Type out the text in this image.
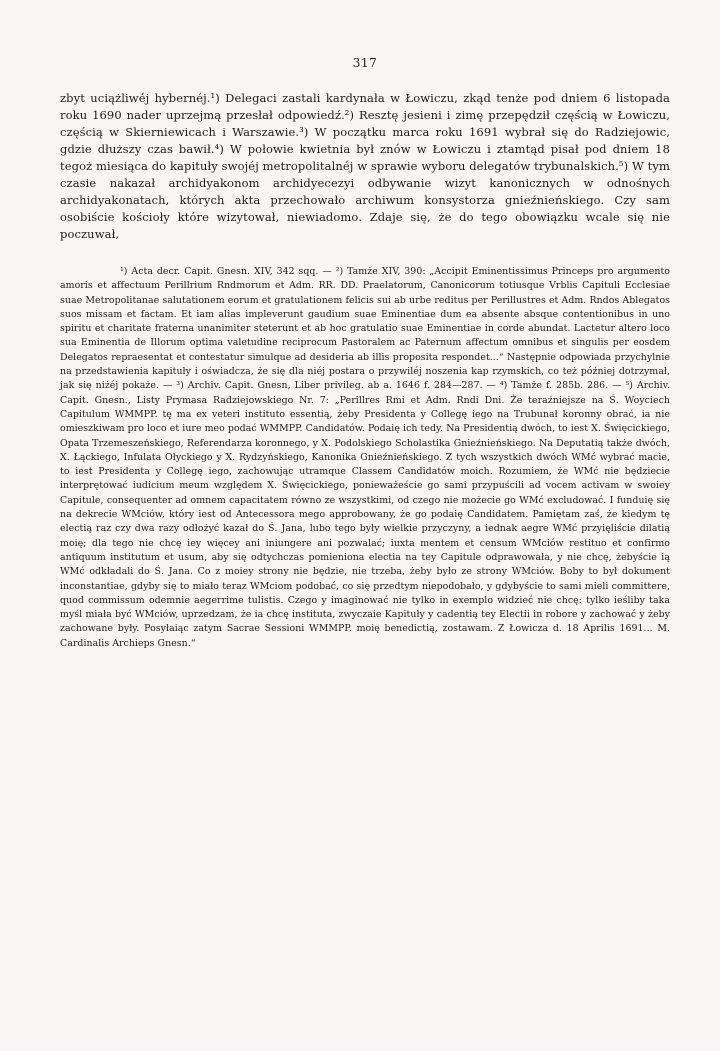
317

zbyt uciążliwéj hybernéj.¹) Delegaci zastali kardynała w Łowiczu, zkąd tenże pod dniem 6 listopada roku 1690 nader uprzejmą przesłał odpowiedź.²) Resztę jesieni i zimę przepędził częścią w Łowiczu, częścią w Skierniewicach i Warszawie.³) W początku marca roku 1691 wybrał się do Radziejowic, gdzie dłuższy czas bawił.⁴) W połowie kwietnia był znów w Łowiczu i ztamtąd pisał pod dniem 18 tegoż miesiąca do kapituły swojéj metropolitalnéj w sprawie wyboru delegatów trybunalskich.⁵) W tym czasie nakazał archidyakonom archidyecezyi odbywanie wizyt kanonicznych w odnośnych archidyakonatach, których akta przechowało archiwum konsystorza gnieźnieńskiego. Czy sam osobiście kościoły które wizytował, niewiadomo. Zdaje się, że do tego obowiązku wcale się nie poczuwał,

¹) Acta decr. Capit. Gnesn. XIV, 342 sqq. — ²) Tamże XIV, 390: „Accipit Eminentissimus Princeps pro argumento amoris et affectuum Perillrium Rndmorum et Adm. RR. DD. Praelatorum, Canonicorum totiusque Vrblis Capituli Ecclesiae suae Metropolitanae salutationem eorum et gratulationem felicis sui ab urbe reditus per Perillustres et Adm. Rndos Ablegatos suos missam et factam. Et iam alias impleverunt gaudium suae Eminentiae dum ea absente absque contentionibus in uno spiritu et charitate fraterna unanimiter steterunt et ab hoc gratulatio suae Eminentiae in corde abundat. Lactetur altero loco sua Eminentia de Illorum optima valetudine reciprocum Pastoralem ac Paternum affectum omnibus et singulis per eosdem Delegatos repraesentat et contestatur simulque ad desideria ab illis proposita respondet...“ Następnie odpowiada przychylnie na przedstawienia kapituły i oświadcza, że się dla niéj postara o przywiléj noszenia kap rzymskich, co też później dotrzymał, jak się niżéj pokaże. — ³) Archiv. Capit. Gnesn, Liber privileg. ab a. 1646 f. 284—287. — ⁴) Tamże f. 285b. 286. — ⁵) Archiv. Capit. Gnesn., Listy Prymasa Radziejowskiego Nr. 7: „Perillres Rmi et Adm. Rndi Dni. Że teraźniejsze na Ś. Woyciech Capitulum WMMPP. tę ma ex veteri instituto essentią, żeby Presidenta y Collegę iego na Trubunał koronny obrać, ia nie omieszkiwam pro loco et iure meo podać WMMPP. Candidatów. Podaię ich tedy. Na Presidentią dwóch, to iest X. Święcickiego, Opata Trzemeszeńskiego, Referendarza koronnego, y X. Podolskiego Scholastika Gnieźnieńskiego. Na Deputatią także dwóch, X. Łąckiego, Infulata Ołyckiego y X. Rydzyńskiego, Kanonika Gnieźnieńskiego. Z tych wszystkich dwóch WMć wybrać macie, to iest Presidenta y Collegę iego, zachowując utramque Classem Candidatów moich. Rozumiem, że WMć nie będziecie interprętować iudicium meum względem X. Święcickiego, ponieważeście go sami przypuścili ad vocem activam w swoiey Capitule, consequenter ad omnem capacitatem równo ze wszystkimi, od czego nie możecie go WMć excludować. I funduię się na dekrecie WMciów, który iest od Antecessora mego approbowany, że go podaię Candidatem. Pamiętam zaś, że kiedym tę electią raz czy dwa razy odłożyć kazał do Ś. Jana, lubo tego były wielkie przyczyny, a iednak aegre WMć przyięliście dilatią moię; dla tego nie chcę iey więcey ani iniungere ani pozwalać; iuxta mentem et censum WMciów restituo et confirmo antiquum institutum et usum, aby się odtychczas pomieniona electia na tey Capitule odprawowała, y nie chcę, żebyście ią WMć odkładali do Ś. Jana. Co z moiey strony nie będzie, nie trzeba, żeby było ze strony WMciów. Boby to był dokument inconstantiae, gdyby się to miało teraz WMciom podobać, co się przedtym niepodobało, y gdybyście to sami mieli committere, quod commissum odemnie aegerrime tulistis. Czego y imaginować nie tylko in exemplo widzieć nie chcę: tylko ieśliby taka myśl miała być WMciów, uprzedzam, że ia chcę instituta, zwyczaie Kapituły y cadentią tey Electii in robore y zachować y żeby zachowane były. Posyłaiąc zatym Sacrae Sessioni WMMPP. moię benedictią, zostawam. Z Łowicza d. 18 Aprilis 1691... M. Cardinalis Archieps Gnesn.“
